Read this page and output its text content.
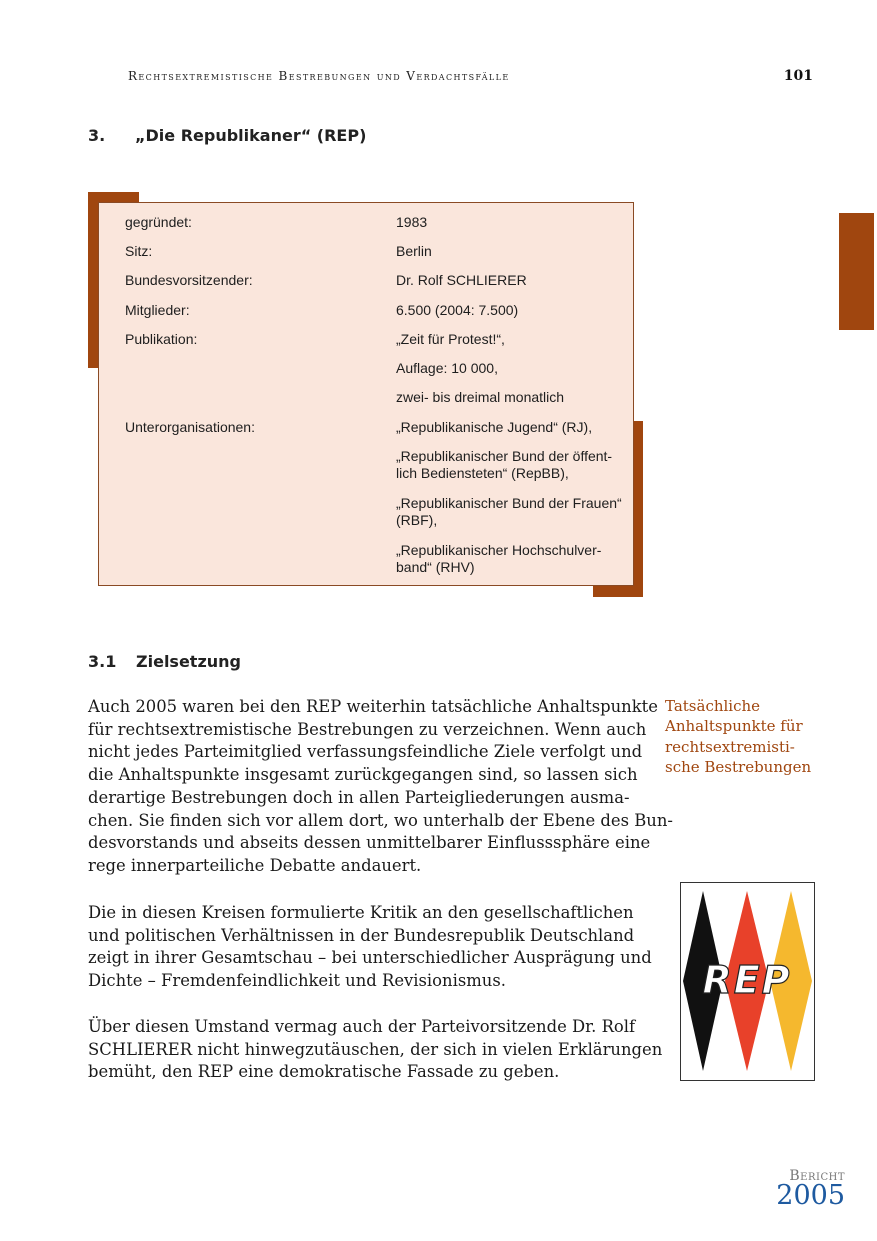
Rechtsextremistische Bestrebungen und Verdachtsfälle	101
3. „Die Republikaner“ (REP)
gegründet:	1983
Sitz:	Berlin
Bundesvorsitzender:	Dr. Rolf SCHLIERER
Mitglieder:	6.500 (2004: 7.500)
Publikation:	„Zeit für Protest!“,
Auflage: 10 000,
zwei- bis dreimal monatlich
Unterorganisationen:	„Republikanische Jugend“ (RJ),
„Republikanischer Bund der öffent-
lich Bediensteten“ (RepBB),
„Republikanischer Bund der Frauen“
(RBF),
„Republikanischer Hochschulver-
band“ (RHV)
3.1 Zielsetzung
Auch 2005 waren bei den REP weiterhin tatsächliche Anhaltspunkte
für rechtsextremistische Bestrebungen zu verzeichnen. Wenn auch
nicht jedes Parteimitglied verfassungsfeindliche Ziele verfolgt und
die Anhaltspunkte insgesamt zurückgegangen sind, so lassen sich
derartige Bestrebungen doch in allen Parteigliederungen ausma-
chen. Sie finden sich vor allem dort, wo unterhalb der Ebene des Bun-
desvorstands und abseits dessen unmittelbarer Einflusssphäre eine
rege innerparteiliche Debatte andauert.
Die in diesen Kreisen formulierte Kritik an den gesellschaftlichen
und politischen Verhältnissen in der Bundesrepublik Deutschland
zeigt in ihrer Gesamtschau – bei unterschiedlicher Ausprägung und
Dichte – Fremdenfeindlichkeit und Revisionismus.
Über diesen Umstand vermag auch der Parteivorsitzende Dr. Rolf
SCHLIERER nicht hinwegzutäuschen, der sich in vielen Erklärungen
bemüht, den REP eine demokratische Fassade zu geben.
Tatsächliche
Anhaltspunkte für
rechtsextremisti-
sche Bestrebungen
REP
Bericht
2005
